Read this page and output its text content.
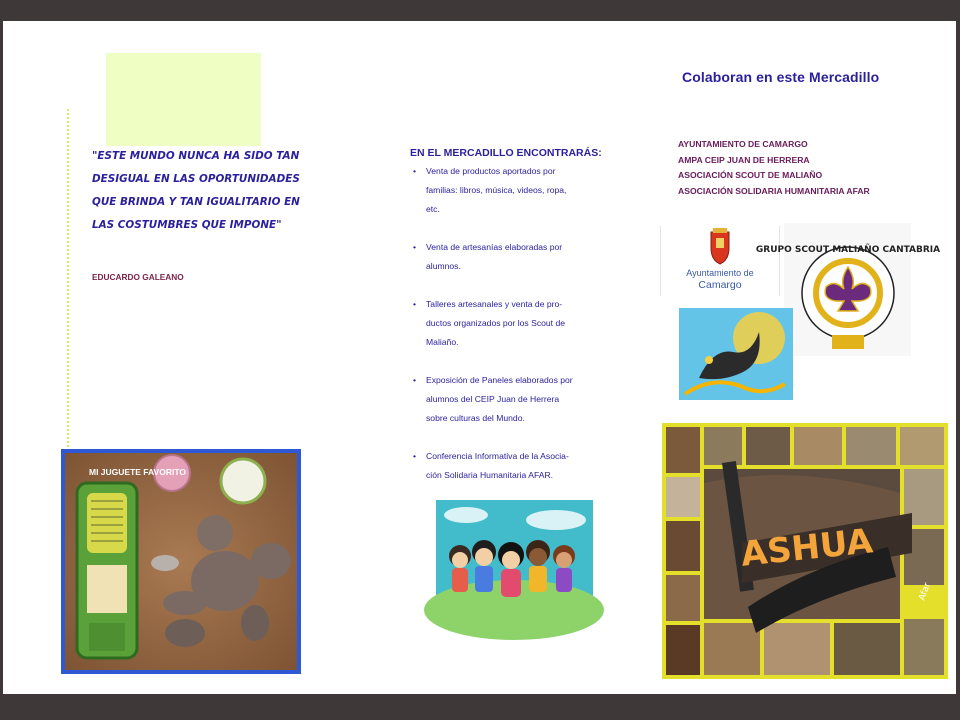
"ESTE MUNDO NUNCA HA SIDO TAN DESIGUAL EN LAS OPORTUNIDADES QUE BRINDA Y TAN IGUALITARIO EN LAS COSTUMBRES QUE IMPONE"

EDUCARDO GALEANO
MI JUGUETE FAVORITO
EN EL MERCADILLO ENCONTRARÁS:
• Venta de productos aportados por
familias: libros, música, videos, ropa,
etc.

• Venta de artesanías elaboradas por
alumnos.

• Talleres artesanales y venta de pro-
ductos organizados por los Scout de
Maliaño.

• Exposición de Paneles elaborados por
alumnos del CEIP Juan de Herrera
sobre culturas del Mundo.

• Conferencia Informativa de la Asocia-
ción Solidaria Humanitaria AFAR.
Colaboran en este Mercadillo
AYUNTAMIENTO DE CAMARGO
AMPA CEIP JUAN DE HERRERA
ASOCIACIÓN SCOUT DE MALIAÑO
ASOCIACIÓN SOLIDARIA HUMANITARIA AFAR
Ayuntamiento de
Camargo
GRUPO SCOUT MALIAÑO CANTABRIA
ASHUA
Afar
